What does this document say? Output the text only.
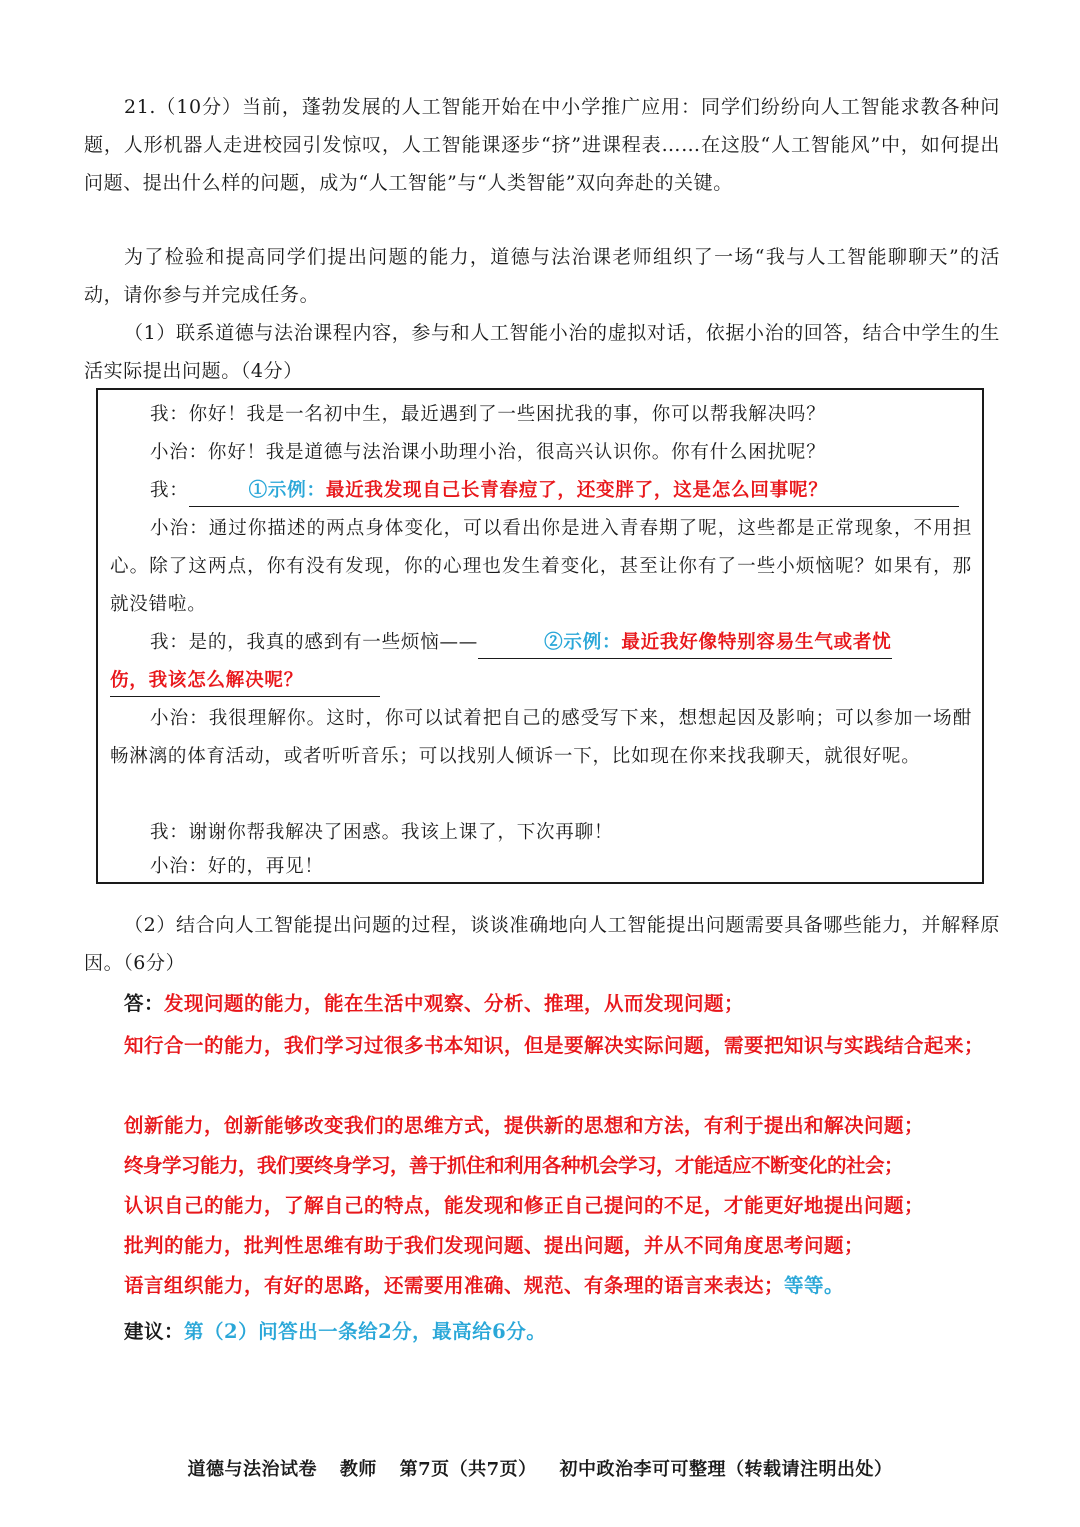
21.（10分）当前，蓬勃发展的人工智能开始在中小学推广应用：同学们纷纷向人工智能求教各种问题，人形机器人走进校园引发惊叹，人工智能课逐步“挤”进课程表……在这股“人工智能风”中，如何提出问题、提出什么样的问题，成为“人工智能”与“人类智能”双向奔赴的关键。
为了检验和提高同学们提出问题的能力，道德与法治课老师组织了一场“我与人工智能聊聊天”的活动，请你参与并完成任务。
（1）联系道德与法治课程内容，参与和人工智能小治的虚拟对话，依据小治的回答，结合中学生的生活实际提出问题。（4分）
我：你好！我是一名初中生，最近遇到了一些困扰我的事，你可以帮我解决吗？
小治：你好！我是道德与法治课小助理小治，很高兴认识你。你有什么困扰呢？
我：	①示例：最近我发现自己长青春痘了，还变胖了，这是怎么回事呢？
小治：通过你描述的两点身体变化，可以看出你是进入青春期了呢，这些都是正常现象，不用担心。除了这两点，你有没有发现，你的心理也发生着变化，甚至让你有了一些小烦恼呢？如果有，那就没错啦。
我：是的，我真的感到有一些烦恼——	②示例：最近我好像特别容易生气或者忧
伤，我该怎么解决呢？
小治：我很理解你。这时，你可以试着把自己的感受写下来，想想起因及影响；可以参加一场酣畅淋漓的体育活动，或者听听音乐；可以找别人倾诉一下，比如现在你来找我聊天，就很好呢。
我：谢谢你帮我解决了困惑。我该上课了，下次再聊！
小治：好的，再见！
（2）结合向人工智能提出问题的过程，谈谈准确地向人工智能提出问题需要具备哪些能力，并解释原因。（6分）
答：发现问题的能力，能在生活中观察、分析、推理，从而发现问题；
知行合一的能力，我们学习过很多书本知识，但是要解决实际问题，需要把知识与实践结合起来；
创新能力，创新能够改变我们的思维方式，提供新的思想和方法，有利于提出和解决问题；
终身学习能力，我们要终身学习，善于抓住和利用各种机会学习，才能适应不断变化的社会；
认识自己的能力，了解自己的特点，能发现和修正自己提问的不足，才能更好地提出问题；
批判的能力，批判性思维有助于我们发现问题、提出问题，并从不同角度思考问题；
语言组织能力，有好的思路，还需要用准确、规范、有条理的语言来表达；等等。
建议：第（2）问答出一条给2分，最高给6分。
道德与法治试卷 教师 第7页（共7页） 初中政治李可可整理（转载请注明出处）
